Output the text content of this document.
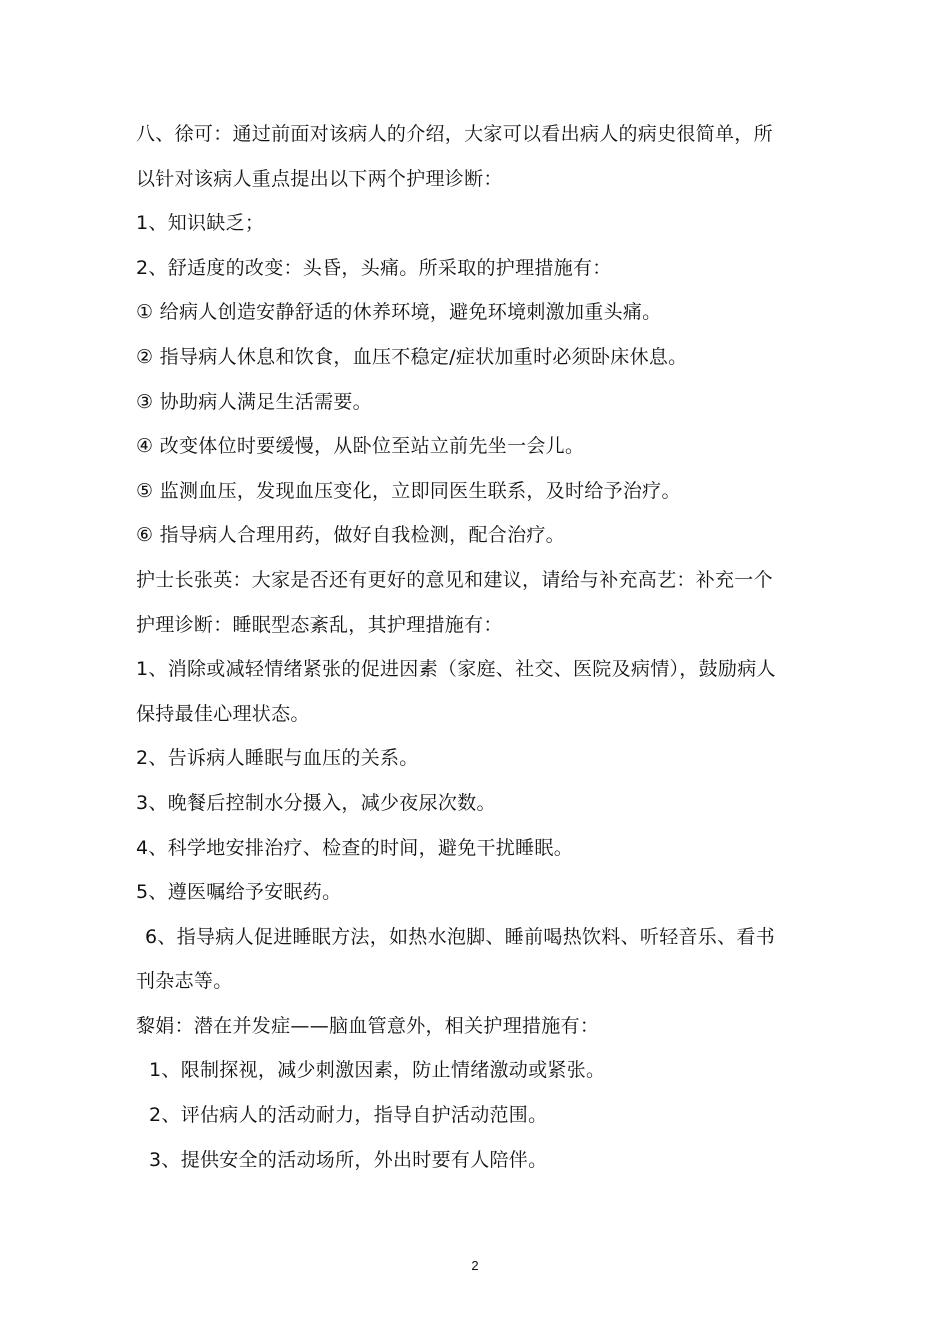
八、徐可：通过前面对该病人的介绍，大家可以看出病人的病史很简单，所
以针对该病人重点提出以下两个护理诊断：
1、知识缺乏；
2、舒适度的改变：头昏，头痛。所采取的护理措施有：
① 给病人创造安静舒适的休养环境，避免环境刺激加重头痛。
② 指导病人休息和饮食，血压不稳定/症状加重时必须卧床休息。
③ 协助病人满足生活需要。
④ 改变体位时要缓慢，从卧位至站立前先坐一会儿。
⑤ 监测血压，发现血压变化，立即同医生联系，及时给予治疗。
⑥ 指导病人合理用药，做好自我检测，配合治疗。
护士长张英：大家是否还有更好的意见和建议，请给与补充高艺：补充一个
护理诊断：睡眠型态紊乱，其护理措施有：
1、消除或减轻情绪紧张的促进因素（家庭、社交、医院及病情），鼓励病人
保持最佳心理状态。
2、告诉病人睡眠与血压的关系。
3、晚餐后控制水分摄入，减少夜尿次数。
4、科学地安排治疗、检查的时间，避免干扰睡眠。
5、遵医嘱给予安眠药。
6、指导病人促进睡眠方法，如热水泡脚、睡前喝热饮料、听轻音乐、看书
刊杂志等。
黎娟：潜在并发症——脑血管意外，相关护理措施有：
1、限制探视，减少刺激因素，防止情绪激动或紧张。
2、评估病人的活动耐力，指导自护活动范围。
3、提供安全的活动场所，外出时要有人陪伴。
2
